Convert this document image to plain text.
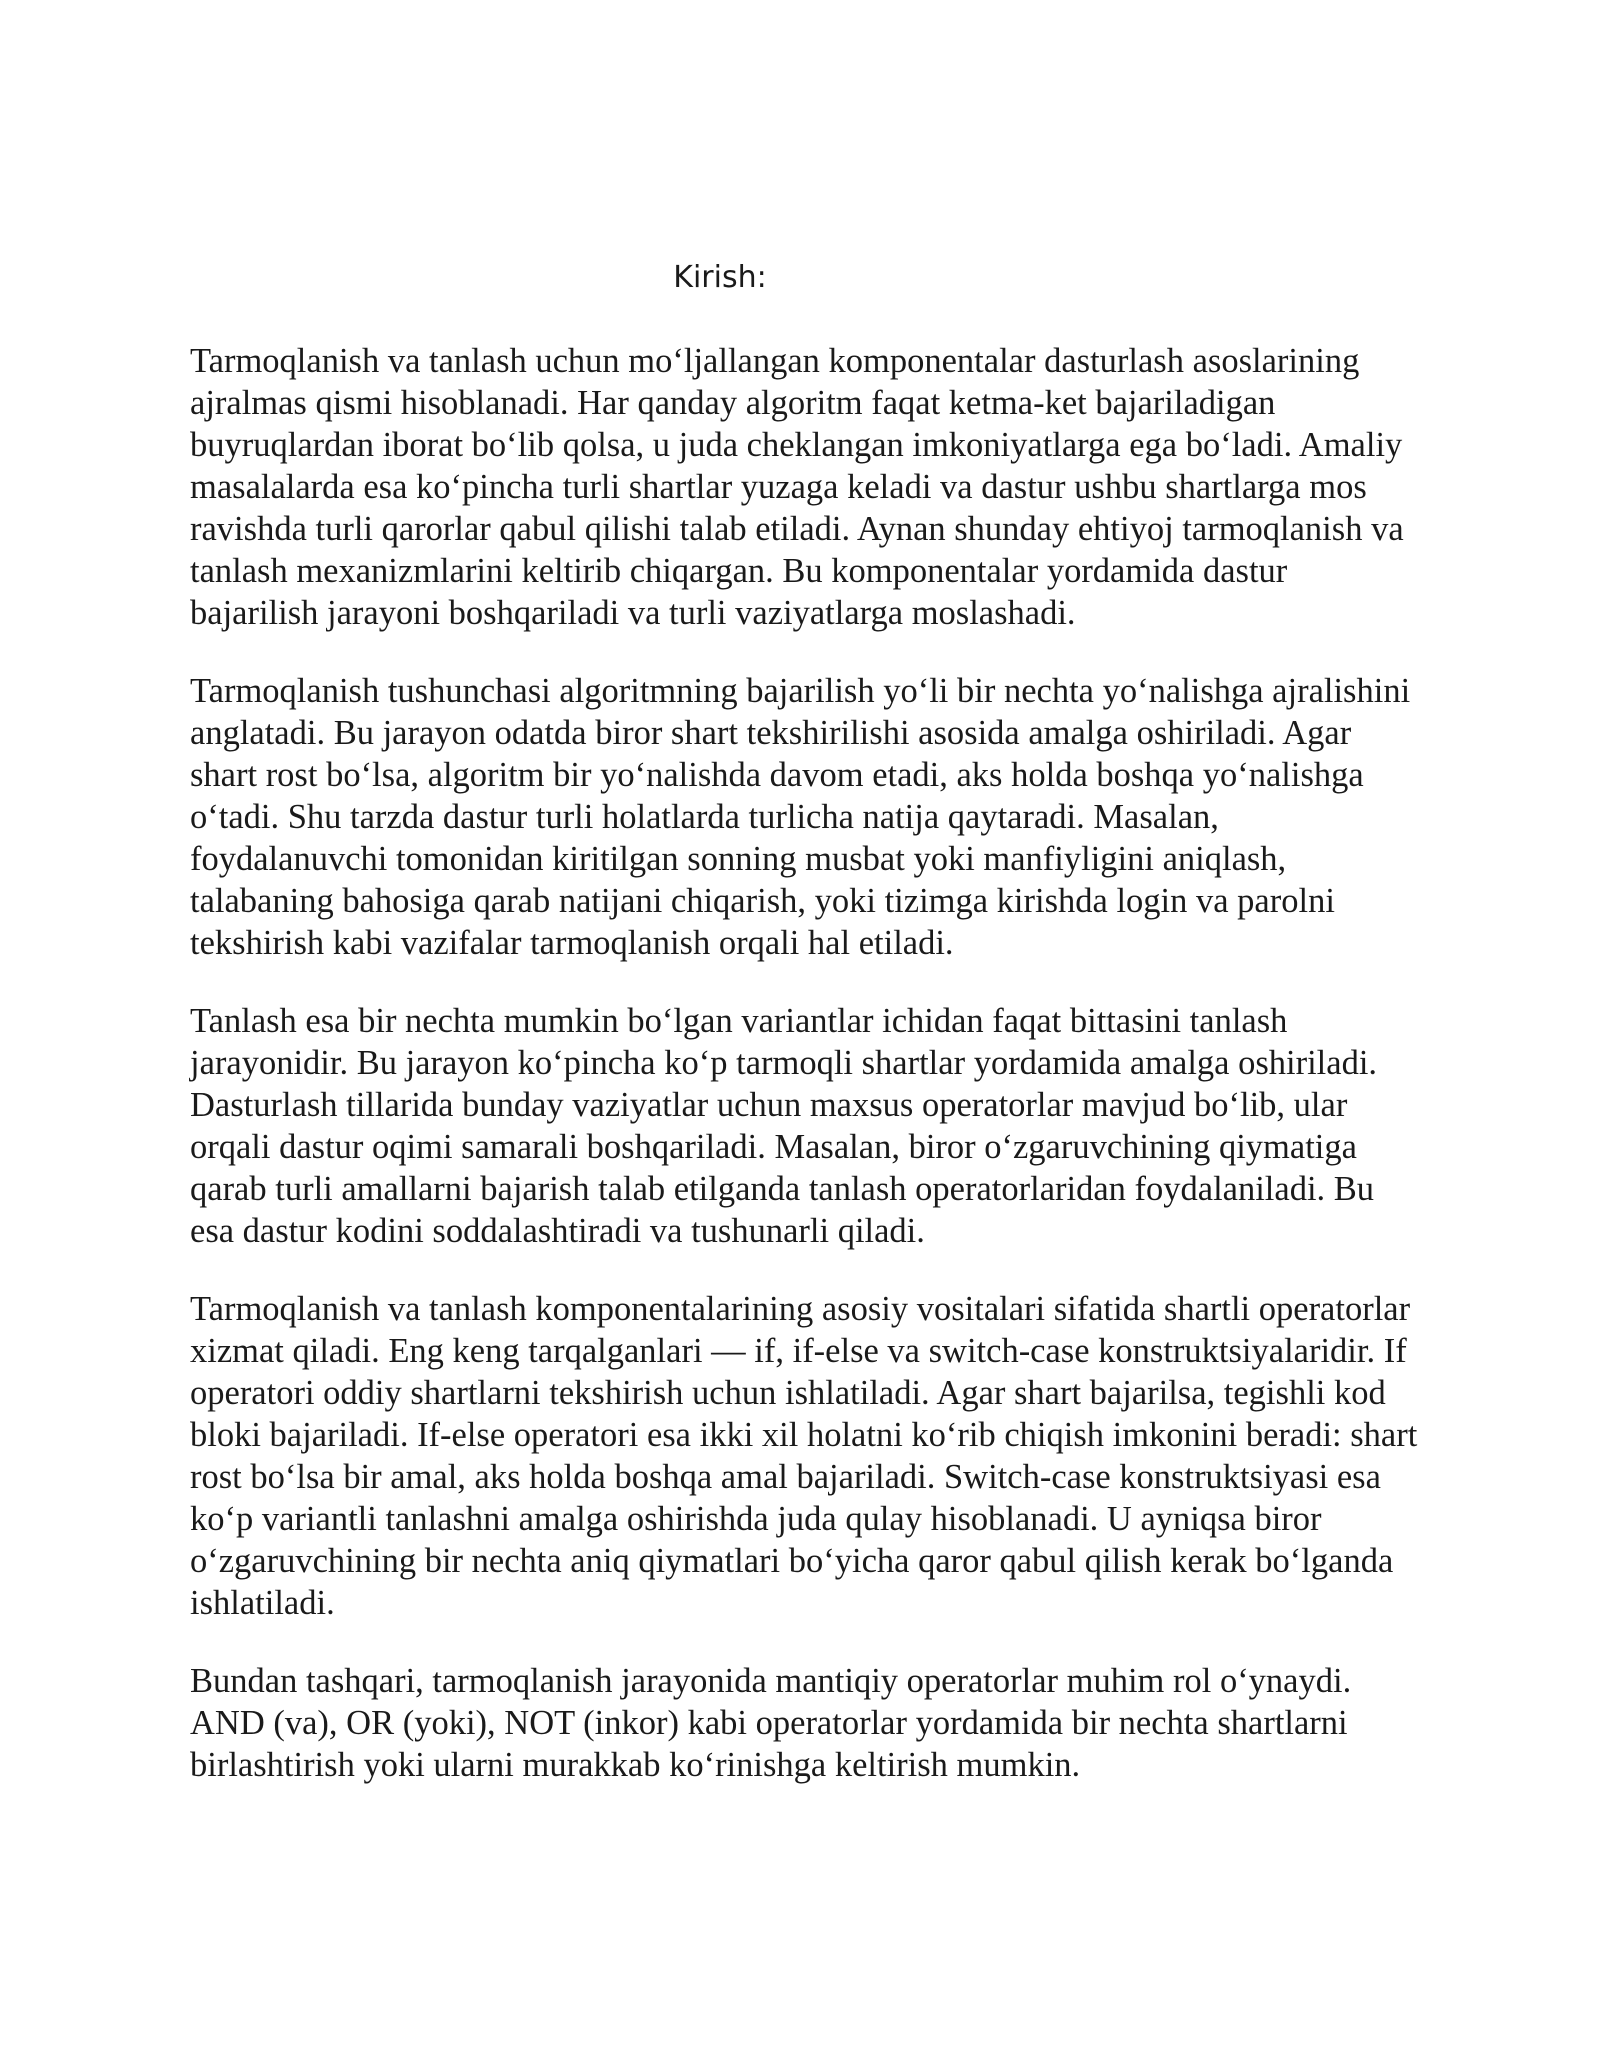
Kirish:

Tarmoqlanish va tanlash uchun mo‘ljallangan komponentalar dasturlash asoslarining ajralmas qismi hisoblanadi. Har qanday algoritm faqat ketma-ket bajariladigan buyruqlardan iborat bo‘lib qolsa, u juda cheklangan imkoniyatlarga ega bo‘ladi. Amaliy masalalarda esa ko‘pincha turli shartlar yuzaga keladi va dastur ushbu shartlarga mos ravishda turli qarorlar qabul qilishi talab etiladi. Aynan shunday ehtiyoj tarmoqlanish va tanlash mexanizmlarini keltirib chiqargan. Bu komponentalar yordamida dastur bajarilish jarayoni boshqariladi va turli vaziyatlarga moslashadi.

Tarmoqlanish tushunchasi algoritmning bajarilish yo‘li bir nechta yo‘nalishga ajralishini anglatadi. Bu jarayon odatda biror shart tekshirilishi asosida amalga oshiriladi. Agar shart rost bo‘lsa, algoritm bir yo‘nalishda davom etadi, aks holda boshqa yo‘nalishga o‘tadi. Shu tarzda dastur turli holatlarda turlicha natija qaytaradi. Masalan, foydalanuvchi tomonidan kiritilgan sonning musbat yoki manfiyligini aniqlash, talabaning bahosiga qarab natijani chiqarish, yoki tizimga kirishda login va parolni tekshirish kabi vazifalar tarmoqlanish orqali hal etiladi.

Tanlash esa bir nechta mumkin bo‘lgan variantlar ichidan faqat bittasini tanlash jarayonidir. Bu jarayon ko‘pincha ko‘p tarmoqli shartlar yordamida amalga oshiriladi. Dasturlash tillarida bunday vaziyatlar uchun maxsus operatorlar mavjud bo‘lib, ular orqali dastur oqimi samarali boshqariladi. Masalan, biror o‘zgaruvchining qiymatiga qarab turli amallarni bajarish talab etilganda tanlash operatorlaridan foydalaniladi. Bu esa dastur kodini soddalashtiradi va tushunarli qiladi.

Tarmoqlanish va tanlash komponentalarining asosiy vositalari sifatida shartli operatorlar xizmat qiladi. Eng keng tarqalganlari — if, if-else va switch-case konstruktsiyalaridir. If operatori oddiy shartlarni tekshirish uchun ishlatiladi. Agar shart bajarilsa, tegishli kod bloki bajariladi. If-else operatori esa ikki xil holatni ko‘rib chiqish imkonini beradi: shart rost bo‘lsa bir amal, aks holda boshqa amal bajariladi. Switch-case konstruktsiyasi esa ko‘p variantli tanlashni amalga oshirishda juda qulay hisoblanadi. U ayniqsa biror o‘zgaruvchining bir nechta aniq qiymatlari bo‘yicha qaror qabul qilish kerak bo‘lganda ishlatiladi.

Bundan tashqari, tarmoqlanish jarayonida mantiqiy operatorlar muhim rol o‘ynaydi. AND (va), OR (yoki), NOT (inkor) kabi operatorlar yordamida bir nechta shartlarni birlashtirish yoki ularni murakkab ko‘rinishga keltirish mumkin.
